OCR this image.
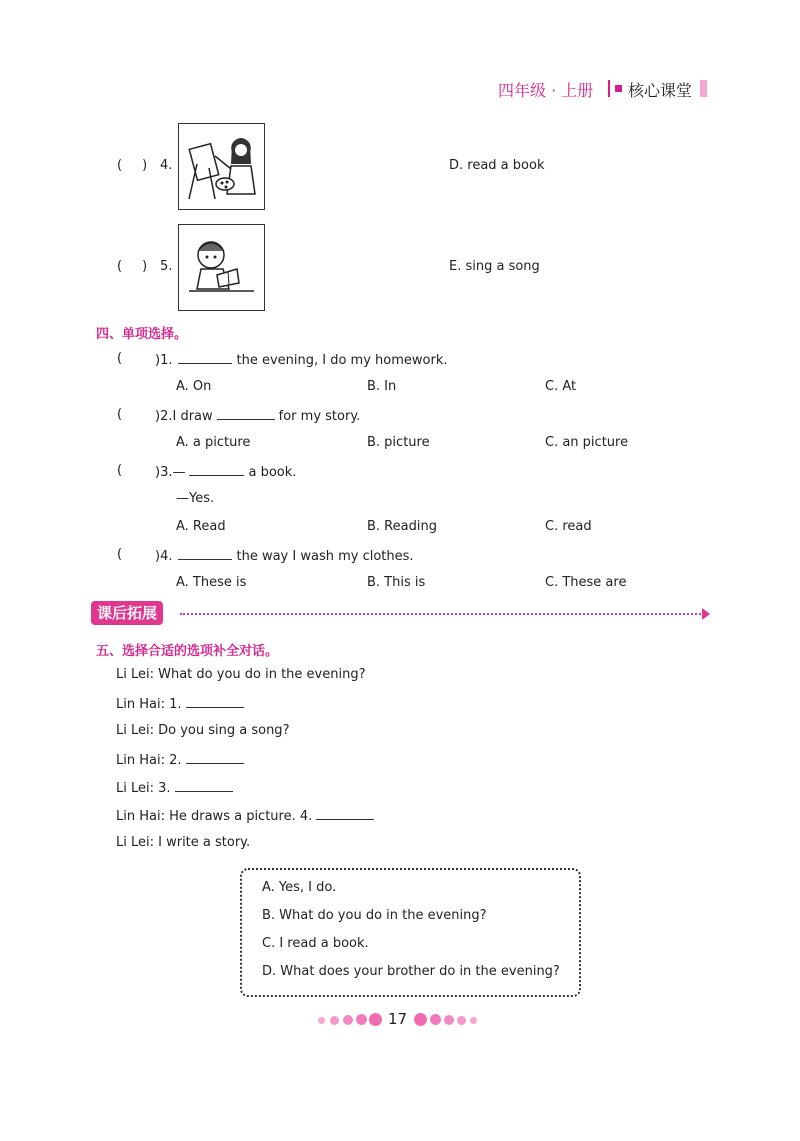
四年级 · 上册 核心课堂
( ) 4.	D. read a book
( ) 5.	E. sing a song
四、单项选择。
(	)1.	the evening, I do my homework.
A. On	B. In	C. At
(	)2.I draw	for my story.
A. a picture	B. picture	C. an picture
(	)3.—	a book.
—Yes.
A. Read	B. Reading	C. read
(	)4.	the way I wash my clothes.
A. These is	B. This is	C. These are
课后拓展
五、选择合适的选项补全对话。
Li Lei: What do you do in the evening?
Lin Hai: 1.
Li Lei: Do you sing a song?
Lin Hai: 2.
Li Lei: 3.
Lin Hai: He draws a picture. 4.
Li Lei: I write a story.
A. Yes, I do.
B. What do you do in the evening?
C. I read a book.
D. What does your brother do in the evening?
17
